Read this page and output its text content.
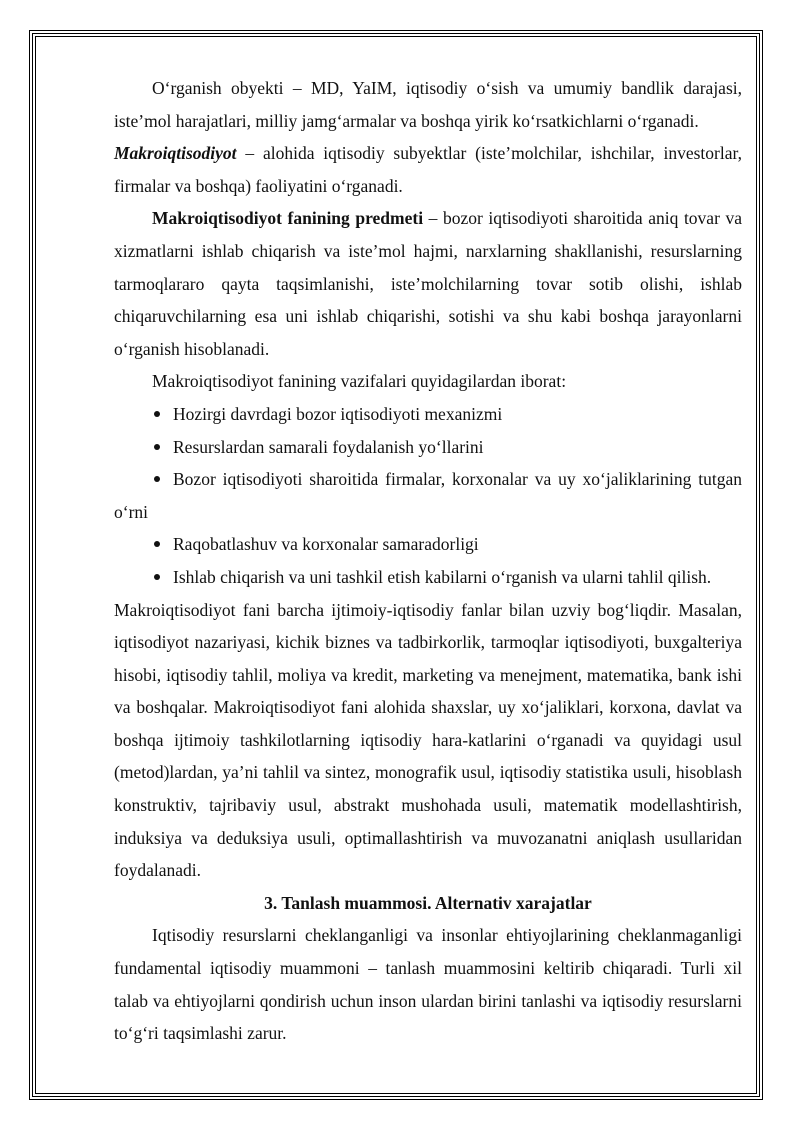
O‘rganish obyekti – MD, YaIM, iqtisodiy o‘sish va umumiy bandlik darajasi, iste’mol harajatlari, milliy jamg‘armalar va boshqa yirik ko‘rsatkichlarni o‘rganadi.

Makroiqtisodiyot – alohida iqtisodiy subyektlar (iste’molchilar, ishchilar, investorlar, firmalar va boshqa) faoliyatini o‘rganadi.

Makroiqtisodiyot fanining predmeti – bozor iqtisodiyoti sharoitida aniq tovar va xizmatlarni ishlab chiqarish va iste’mol hajmi, narxlarning shakllanishi, resurslarning tarmoqlararo qayta taqsimlanishi, iste’molchilarning tovar sotib olishi, ishlab chiqaruvchilarning esa uni ishlab chiqarishi, sotishi va shu kabi boshqa jarayonlarni o‘rganish hisoblanadi.

Makroiqtisodiyot fanining vazifalari quyidagilardan iborat:

Hozirgi davrdagi bozor iqtisodiyoti mexanizmi

Resurslardan samarali foydalanish yo‘llarini

Bozor iqtisodiyoti sharoitida firmalar, korxonalar va uy xo‘jaliklarining tutgan o‘rni

Raqobatlashuv va korxonalar samaradorligi

Ishlab chiqarish va uni tashkil etish kabilarni o‘rganish va ularni tahlil qilish.

Makroiqtisodiyot fani barcha ijtimoiy-iqtisodiy fanlar bilan uzviy bog‘liqdir. Masalan, iqtisodiyot nazariyasi, kichik biznes va tadbirkorlik, tarmoqlar iqtisodiyoti, buxgalteriya hisobi, iqtisodiy tahlil, moliya va kredit, marketing va menejment, matematika, bank ishi va boshqalar. Makroiqtisodiyot fani alohida shaxslar, uy xo‘jaliklari, korxona, davlat va boshqa ijtimoiy tashkilotlarning iqtisodiy hara-katlarini o‘rganadi va quyidagi usul (metod)lardan, ya’ni tahlil va sintez, monografik usul, iqtisodiy statistika usuli, hisoblash konstruktiv, tajribaviy usul, abstrakt mushohada usuli, matematik modellashtirish, induksiya va deduksiya usuli, optimallashtirish va muvozanatni aniqlash usullaridan foydalanadi.

3. Tanlash muammosi. Alternativ xarajatlar

Iqtisodiy resurslarni cheklanganligi va insonlar ehtiyojlarining cheklanmaganligi fundamental iqtisodiy muammoni – tanlash muammosini keltirib chiqaradi. Turli xil talab va ehtiyojlarni qondirish uchun inson ulardan birini tanlashi va iqtisodiy resurslarni to‘g‘ri taqsimlashi zarur.
